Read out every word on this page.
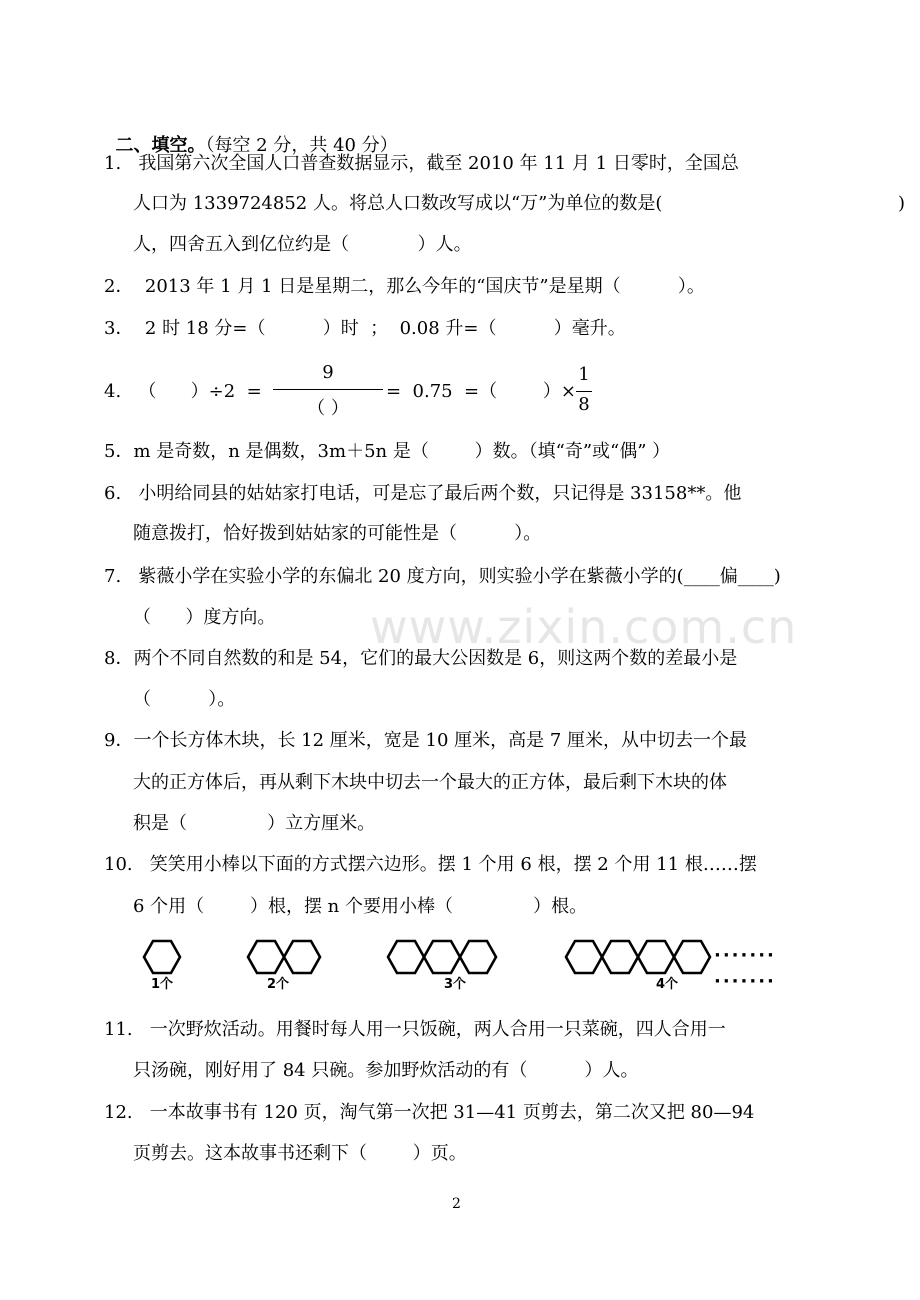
www.zixin.com.cn

二、填空。（每空 2 分，共 40 分）

1.   我国第六次全国人口普查数据显示，截至 2010 年 11 月 1 日零时，全国总
人口为 1339724852 人。将总人口数改写成以“万”为单位的数是(	)
人，四舍五入到亿位约是（            ）人。
2．  2013 年 1 月 1 日是星期二，那么今年的“国庆节”是星期（          ）。
3．  2 时 18 分=（          ）时  ；  0.08 升=（          ）毫升。
4.   （      ）÷2  =
9
（ ）
=  0.75  =（        ）×
1
8
5．m 是奇数，n 是偶数，3m＋5n 是（        ）数。（填“奇”或“偶” ）
6.   小明给同县的姑姑家打电话，可是忘了最后两个数，只记得是 33158**。他
随意拨打，恰好拨到姑姑家的可能性是（          ）。
7.   紫薇小学在实验小学的东偏北 20 度方向，则实验小学在紫薇小学的(____偏____)
（      ）度方向。
8．两个不同自然数的和是 54，它们的最大公因数是 6，则这两个数的差最小是
（          ）。
9．一个长方体木块，长 12 厘米，宽是 10 厘米，高是 7 厘米，从中切去一个最
大的正方体后，再从剩下木块中切去一个最大的正方体，最后剩下木块的体
积是（              ）立方厘米。
10.   笑笑用小棒以下面的方式摆六边形。摆 1 个用 6 根，摆 2 个用 11 根……摆
6 个用（        ）根，摆 n 个要用小棒（              ）根。
1个	2个	3个	4个
·······
·······
11.   一次野炊活动。用餐时每人用一只饭碗，两人合用一只菜碗，四人合用一
只汤碗，刚好用了 84 只碗。参加野炊活动的有（          ）人。
12.   一本故事书有 120 页，淘气第一次把 31—41 页剪去，第二次又把 80—94
页剪去。这本故事书还剩下（        ）页。
2
